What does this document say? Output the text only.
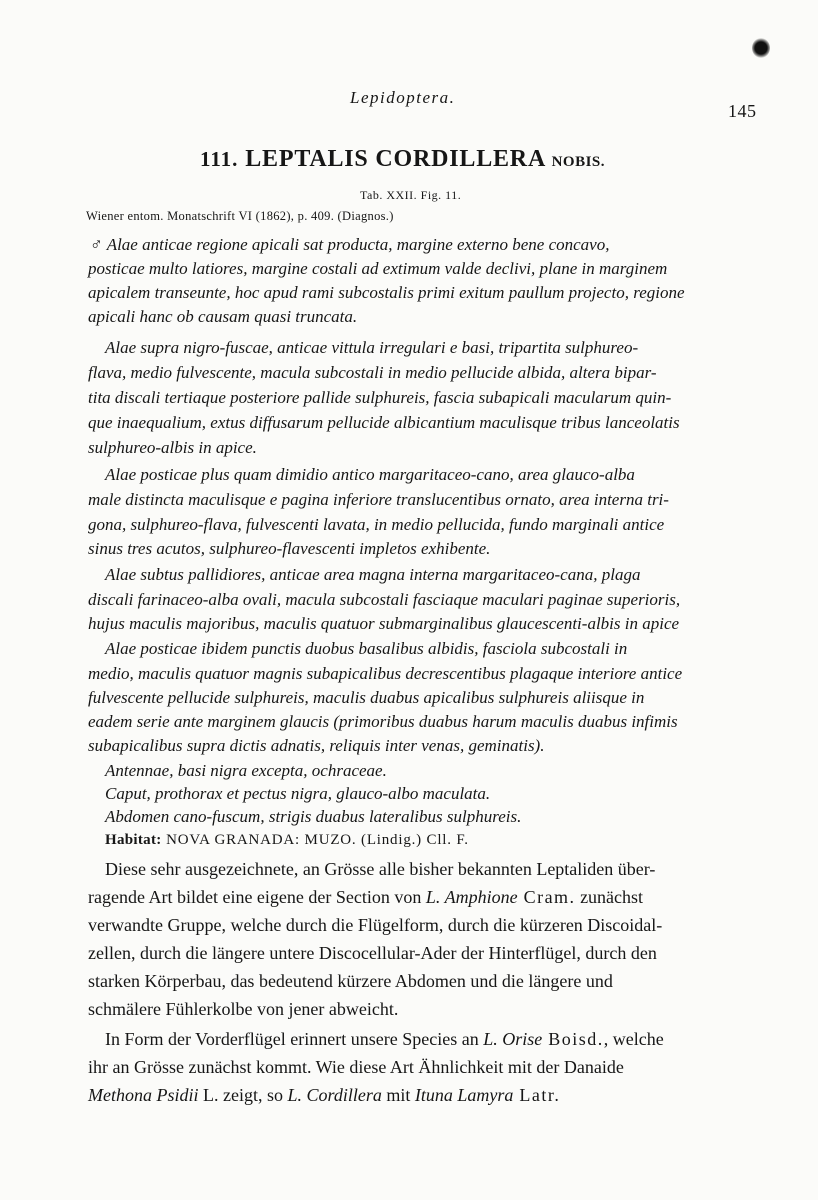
Lepidoptera.
145
111. LEPTALIS CORDILLERA NOBIS.
Tab. XXII. Fig. 11.
Wiener entom. Monatschrift VI (1862), p. 409. (Diagnos.)
♂ Alae anticae regione apicali sat producta, margine externo bene concavo,
posticae multo latiores, margine costali ad extimum valde declivi, plane in marginem
apicalem transeunte, hoc apud rami subcostalis primi exitum paullum projecto, regione
apicali hanc ob causam quasi truncata.
Alae supra nigro-fuscae, anticae vittula irregulari e basi, tripartita sulphureo-
flava, medio fulvescente, macula subcostali in medio pellucide albida, altera bipar-
tita discali tertiaque posteriore pallide sulphureis, fascia subapicali macularum quin-
que inaequalium, extus diffusarum pellucide albicantium maculisque tribus lanceolatis
sulphureo-albis in apice.
Alae posticae plus quam dimidio antico margaritaceo-cano, area glauco-alba
male distincta maculisque e pagina inferiore translucentibus ornato, area interna tri-
gona, sulphureo-flava, fulvescenti lavata, in medio pellucida, fundo marginali antice
sinus tres acutos, sulphureo-flavescenti impletos exhibente.
Alae subtus pallidiores, anticae area magna interna margaritaceo-cana, plaga
discali farinaceo-alba ovali, macula subcostali fasciaque maculari paginae superioris,
hujus maculis majoribus, maculis quatuor submarginalibus glaucescenti-albis in apice
Alae posticae ibidem punctis duobus basalibus albidis, fasciola subcostali in
medio, maculis quatuor magnis subapicalibus decrescentibus plagaque interiore antice
fulvescente pellucide sulphureis, maculis duabus apicalibus sulphureis aliisque in
eadem serie ante marginem glaucis (primoribus duabus harum maculis duabus infimis
subapicalibus supra dictis adnatis, reliquis inter venas, geminatis).
Antennae, basi nigra excepta, ochraceae.
Caput, prothorax et pectus nigra, glauco-albo maculata.
Abdomen cano-fuscum, strigis duabus lateralibus sulphureis.
Habitat: NOVA GRANADA: MUZO. (Lindig.) Cll. F.
Diese sehr ausgezeichnete, an Grösse alle bisher bekannten Leptaliden über-
ragende Art bildet eine eigene der Section von L. Amphione Cram. zunächst
verwandte Gruppe, welche durch die Flügelform, durch die kürzeren Discoidal-
zellen, durch die längere untere Discocellular-Ader der Hinterflügel, durch den
starken Körperbau, das bedeutend kürzere Abdomen und die längere und
schmälere Fühlerkolbe von jener abweicht.
In Form der Vorderflügel erinnert unsere Species an L. Orise Boisd., welche
ihr an Grösse zunächst kommt. Wie diese Art Ähnlichkeit mit der Danaide
Methona Psidii L. zeigt, so L. Cordillera mit Ituna Lamyra Latr.
